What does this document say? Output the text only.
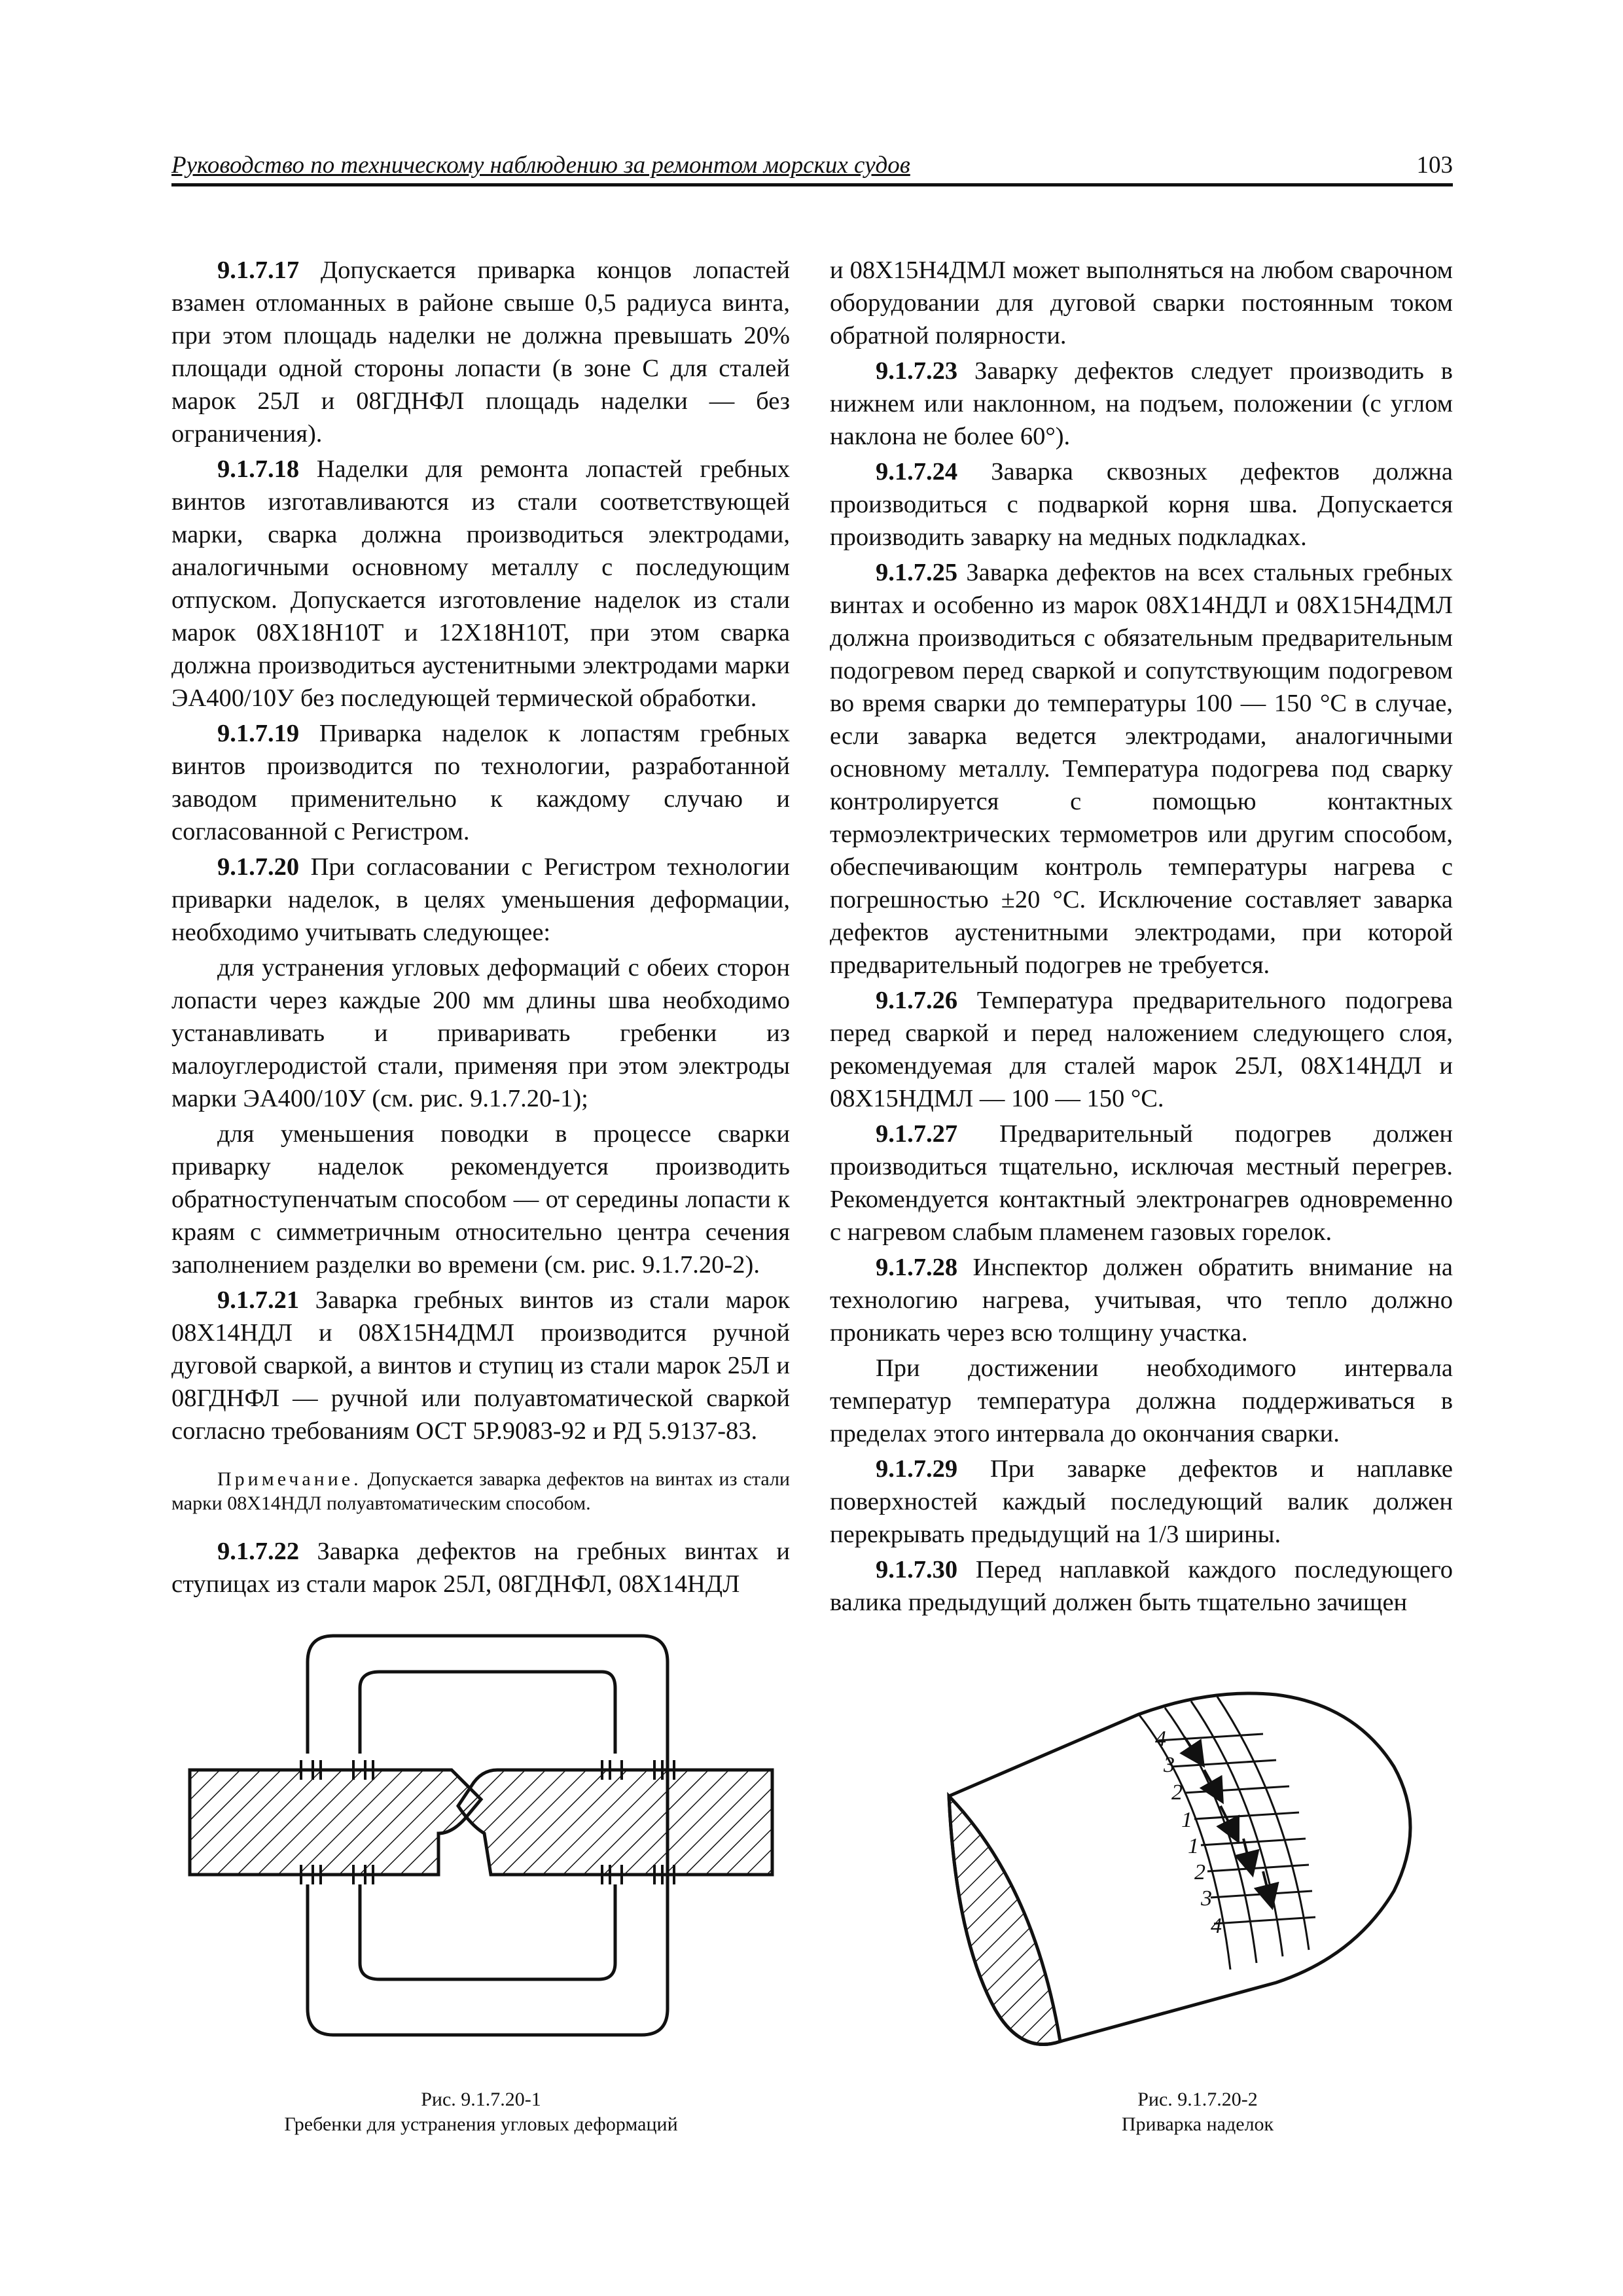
Руководство по техническому наблюдению за ремонтом морских судов	103

9.1.7.17 Допускается приварка концов лопастей взамен отломанных в районе свыше 0,5 радиуса винта, при этом площадь наделки не должна превышать 20% площади одной стороны лопасти (в зоне C для сталей марок 25Л и 08ГДНФЛ площадь наделки — без ограничения).

9.1.7.18 Наделки для ремонта лопастей гребных винтов изготавливаются из стали соответствующей марки, сварка должна производиться электродами, аналогичными основному металлу с последующим отпуском. Допускается изготовление наделок из стали марок 08Х18Н10Т и 12Х18Н10Т, при этом сварка должна производиться аустенитными электродами марки ЭА400/10У без последующей термической обработки.

9.1.7.19 Приварка наделок к лопастям гребных винтов производится по технологии, разработанной заводом применительно к каждому случаю и согласованной с Регистром.

9.1.7.20 При согласовании с Регистром технологии приварки наделок, в целях уменьшения деформации, необходимо учитывать следующее:

для устранения угловых деформаций с обеих сторон лопасти через каждые 200 мм длины шва необходимо устанавливать и приваривать гребенки из малоуглеродистой стали, применяя при этом электроды марки ЭА400/10У (см. рис. 9.1.7.20-1);

для уменьшения поводки в процессе сварки приварку наделок рекомендуется производить обратноступенчатым способом — от середины лопасти к краям с симметричным относительно центра сечения заполнением разделки во времени (см. рис. 9.1.7.20-2).

9.1.7.21 Заварка гребных винтов из стали марок 08Х14НДЛ и 08Х15Н4ДМЛ производится ручной дуговой сваркой, а винтов и ступиц из стали марок 25Л и 08ГДНФЛ — ручной или полуавтоматической сваркой согласно требованиям ОСТ 5Р.9083-92 и РД 5.9137-83.

Примечание. Допускается заварка дефектов на винтах из стали марки 08Х14НДЛ полуавтоматическим способом.

9.1.7.22 Заварка дефектов на гребных винтах и ступицах из стали марок 25Л, 08ГДНФЛ, 08Х14НДЛ

и 08Х15Н4ДМЛ может выполняться на любом сварочном оборудовании для дуговой сварки постоянным током обратной полярности.

9.1.7.23 Заварку дефектов следует производить в нижнем или наклонном, на подъем, положении (с углом наклона не более 60°).

9.1.7.24 Заварка сквозных дефектов должна производиться с подваркой корня шва. Допускается производить заварку на медных подкладках.

9.1.7.25 Заварка дефектов на всех стальных гребных винтах и особенно из марок 08Х14НДЛ и 08Х15Н4ДМЛ должна производиться с обязательным предварительным подогревом перед сваркой и сопутствующим подогревом во время сварки до температуры 100 — 150 °С в случае, если заварка ведется электродами, аналогичными основному металлу. Температура подогрева под сварку контролируется с помощью контактных термоэлектрических термометров или другим способом, обеспечивающим контроль температуры нагрева с погрешностью ±20 °С. Исключение составляет заварка дефектов аустенитными электродами, при которой предварительный подогрев не требуется.

9.1.7.26 Температура предварительного подогрева перед сваркой и перед наложением следующего слоя, рекомендуемая для сталей марок 25Л, 08Х14НДЛ и 08Х15НДМЛ — 100 — 150 °С.

9.1.7.27 Предварительный подогрев должен производиться тщательно, исключая местный перегрев. Рекомендуется контактный электронагрев одновременно с нагревом слабым пламенем газовых горелок.

9.1.7.28 Инспектор должен обратить внимание на технологию нагрева, учитывая, что тепло должно проникать через всю толщину участка.

При достижении необходимого интервала температур температура должна поддерживаться в пределах этого интервала до окончания сварки.

9.1.7.29 При заварке дефектов и наплавке поверхностей каждый последующий валик должен перекрывать предыдущий на 1/3 ширины.

9.1.7.30 Перед наплавкой каждого последующего валика предыдущий должен быть тщательно зачищен

Рис. 9.1.7.20-1
Гребенки для устранения угловых деформаций
4
3
2
1
1
2
3
4
Рис. 9.1.7.20-2
Приварка наделок
